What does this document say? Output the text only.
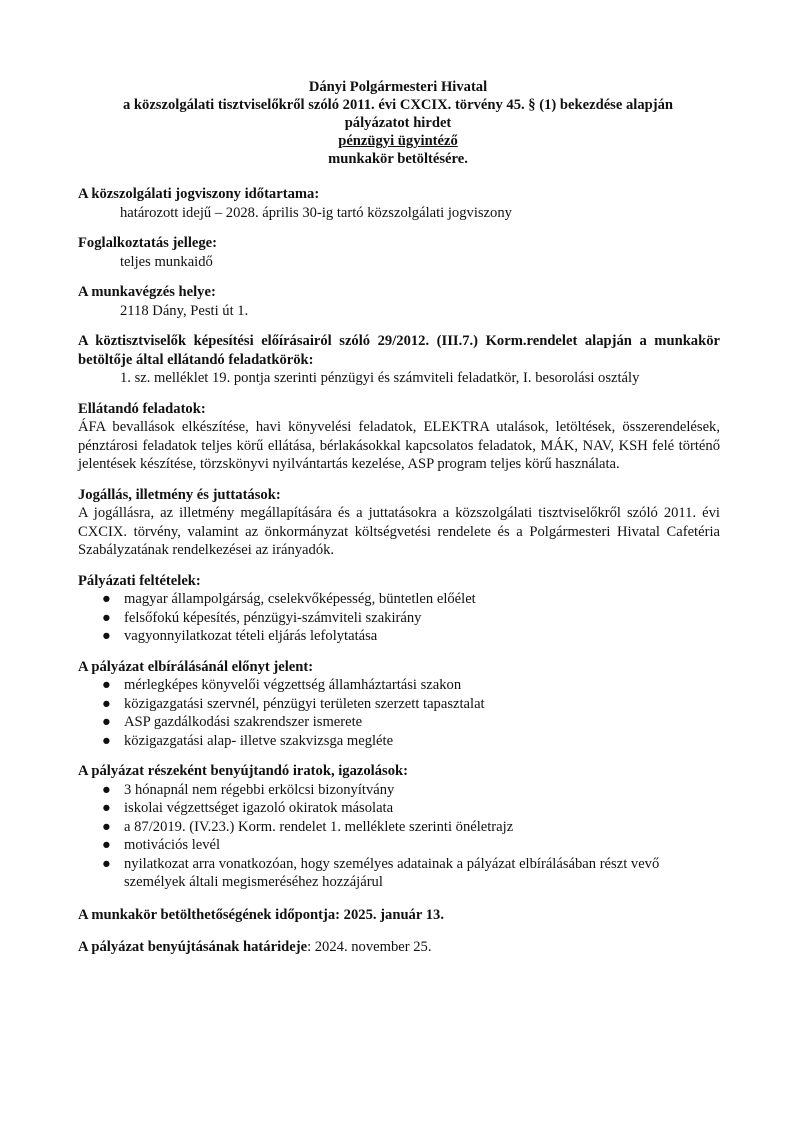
Dányi Polgármesteri Hivatal
a közszolgálati tisztviselőkről szóló 2011. évi CXCIX. törvény 45. § (1) bekezdése alapján
pályázatot hirdet
pénzügyi ügyintéző
munkakör betöltésére.
A közszolgálati jogviszony időtartama:
határozott idejű – 2028. április 30-ig tartó közszolgálati jogviszony
Foglalkoztatás jellege:
teljes munkaidő
A munkavégzés helye:
2118 Dány, Pesti út 1.
A köztisztviselők képesítési előírásairól szóló 29/2012. (III.7.) Korm.rendelet alapján a munkakör betöltője által ellátandó feladatkörök:
1. sz. melléklet 19. pontja szerinti pénzügyi és számviteli feladatkör, I. besorolási osztály
Ellátandó feladatok:
ÁFA bevallások elkészítése, havi könyvelési feladatok, ELEKTRA utalások, letöltések, összerendelések, pénztárosi feladatok teljes körű ellátása, bérlakásokkal kapcsolatos feladatok, MÁK, NAV, KSH felé történő jelentések készítése, törzskönyvi nyilvántartás kezelése, ASP program teljes körű használata.
Jogállás, illetmény és juttatások:
A jogállásra, az illetmény megállapítására és a juttatásokra a közszolgálati tisztviselőkről szóló 2011. évi CXCIX. törvény, valamint az önkormányzat költségvetési rendelete és a Polgármesteri Hivatal Cafetéria Szabályzatának rendelkezései az irányadók.
Pályázati feltételek:
● magyar állampolgárság, cselekvőképesség, büntetlen előélet
● felsőfokú képesítés, pénzügyi-számviteli szakirány
● vagyonnyilatkozat tételi eljárás lefolytatása
A pályázat elbírálásánál előnyt jelent:
● mérlegképes könyvelői végzettség államháztartási szakon
● közigazgatási szervnél, pénzügyi területen szerzett tapasztalat
● ASP gazdálkodási szakrendszer ismerete
● közigazgatási alap- illetve szakvizsga megléte
A pályázat részeként benyújtandó iratok, igazolások:
● 3 hónapnál nem régebbi erkölcsi bizonyítvány
● iskolai végzettséget igazoló okiratok másolata
● a 87/2019. (IV.23.) Korm. rendelet 1. melléklete szerinti önéletrajz
● motivációs levél
● nyilatkozat arra vonatkozóan, hogy személyes adatainak a pályázat elbírálásában részt vevő személyek általi megismeréséhez hozzájárul
A munkakör betölthetőségének időpontja: 2025. január 13.
A pályázat benyújtásának határideje: 2024. november 25.
